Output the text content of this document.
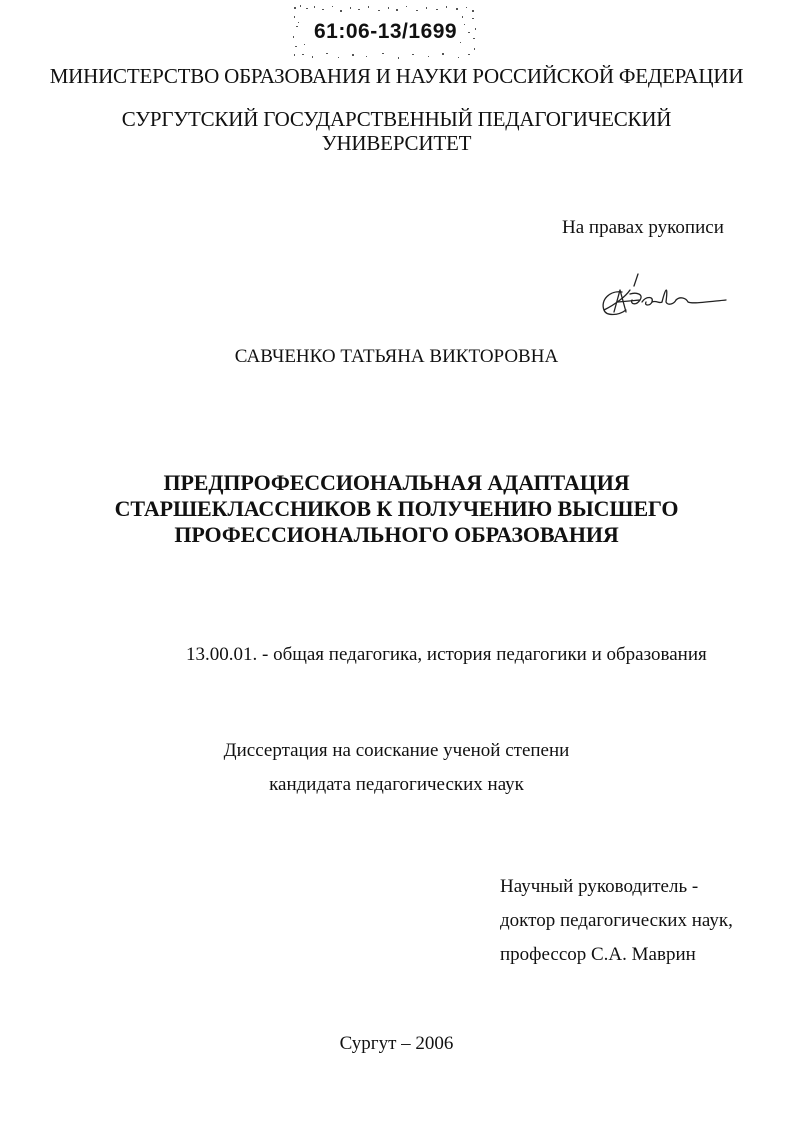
61:06-13/1699
МИНИСТЕРСТВО ОБРАЗОВАНИЯ И НАУКИ РОССИЙСКОЙ ФЕДЕРАЦИИ
СУРГУТСКИЙ ГОСУДАРСТВЕННЫЙ ПЕДАГОГИЧЕСКИЙ
УНИВЕРСИТЕТ
На правах рукописи
САВЧЕНКО ТАТЬЯНА ВИКТОРОВНА
ПРЕДПРОФЕССИОНАЛЬНАЯ АДАПТАЦИЯ
СТАРШЕКЛАССНИКОВ К ПОЛУЧЕНИЮ ВЫСШЕГО
ПРОФЕССИОНАЛЬНОГО ОБРАЗОВАНИЯ
13.00.01. - общая педагогика, история педагогики и образования
Диссертация на соискание ученой степени
кандидата педагогических наук
Научный руководитель -
доктор педагогических наук,
профессор С.А. Маврин
Сургут – 2006
